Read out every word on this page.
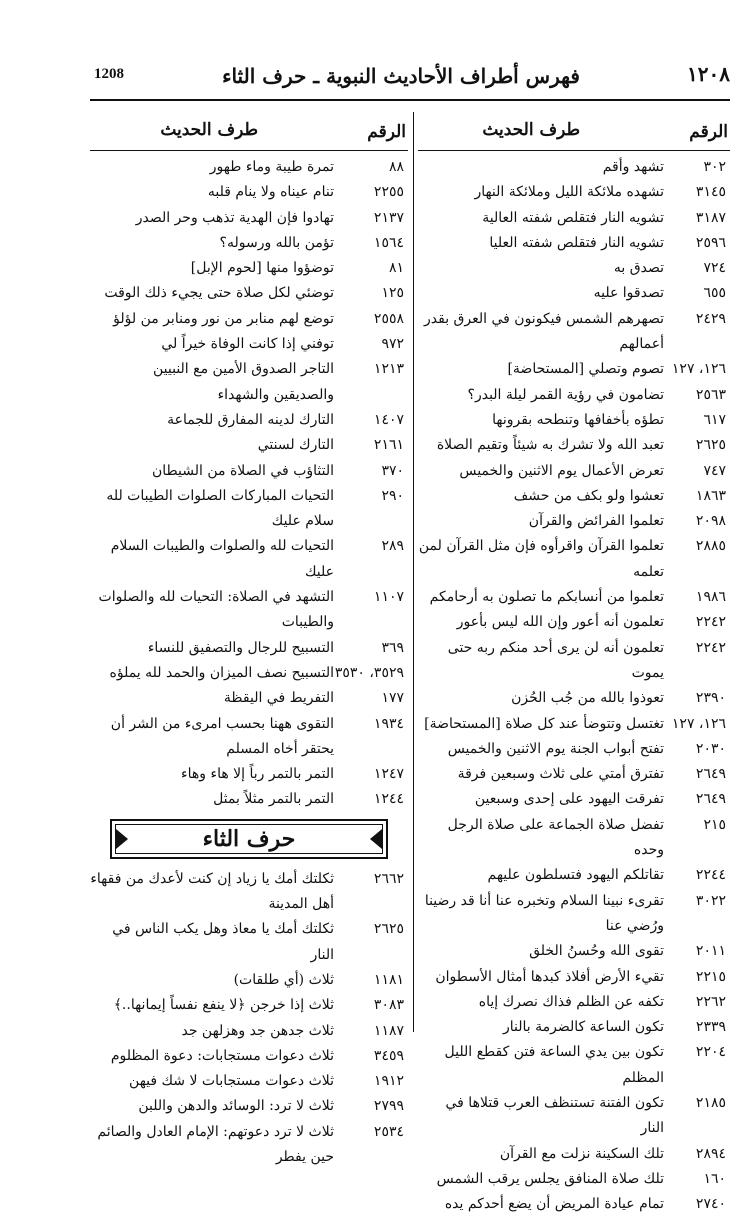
١٢٠٨
فهرس أطراف الأحاديث النبوية ـ حرف الثاء
1208
الرقم
طرف الحديث
٣٠٢
تشهد وأقم
٣١٤٥
تشهده ملائكة الليل وملائكة النهار
٣١٨٧
تشويه النار فتقلص شفته العالية
٢٥٩٦
تشويه النار فتقلص شفته العليا
٧٢٤
تصدق به
٦٥٥
تصدقوا عليه
٢٤٢٩
تصهرهم الشمس فيكونون في العرق بقدر أعمالهم
١٢٦، ١٢٧
تصوم وتصلي [المستحاضة]
٢٥٦٣
تضامون في رؤية القمر ليلة البدر؟
٦١٧
تطؤه بأخفافها وتنطحه بقرونها
٢٦٢٥
تعبد الله ولا تشرك به شيئاً وتقيم الصلاة
٧٤٧
تعرض الأعمال يوم الاثنين والخميس
١٨٦٣
تعشوا ولو بكف من حشف
٢٠٩٨
تعلموا الفرائض والقرآن
٢٨٨٥
تعلموا القرآن واقرأوه فإن مثل القرآن لمن تعلمه
١٩٨٦
تعلموا من أنسابكم ما تصلون به أرحامكم
٢٢٤٢
تعلمون أنه أعور وإن الله ليس بأعور
٢٢٤٢
تعلمون أنه لن يرى أحد منكم ربه حتى يموت
٢٣٩٠
تعوذوا بالله من جُب الحُزن
١٢٦، ١٢٧
تغتسل وتتوضأ عند كل صلاة [المستحاضة]
٢٠٣٠
تفتح أبواب الجنة يوم الاثنين والخميس
٢٦٤٩
تفترق أمتي على ثلاث وسبعين فرقة
٢٦٤٩
تفرقت اليهود على إحدى وسبعين
٢١٥
تفضل صلاة الجماعة على صلاة الرجل وحده
٢٢٤٤
تقاتلكم اليهود فتسلطون عليهم
٣٠٢٢
تقرىء نبينا السلام وتخبره عنا أنا قد رضينا ورُضي عنا
٢٠١١
تقوى الله وحُسنُ الخلق
٢٢١٥
تقيء الأرض أفلاذ كبدها أمثال الأسطوان
٢٢٦٢
تكفه عن الظلم فذاك نصرك إياه
٢٣٣٩
تكون الساعة كالضرمة بالنار
٢٢٠٤
تكون بين يدي الساعة فتن كقطع الليل المظلم
٢١٨٥
تكون الفتنة تستنظف العرب قتلاها في النار
٢٨٩٤
تلك السكينة نزلت مع القرآن
١٦٠
تلك صلاة المنافق يجلس يرقب الشمس
٢٧٤٠
تمام عيادة المريض أن يضع أحدكم يده
الرقم
طرف الحديث
٨٨
تمرة طيبة وماء طهور
٢٢٥٥
تنام عيناه ولا ينام قلبه
٢١٣٧
تهادوا فإن الهدية تذهب وحر الصدر
١٥٦٤
تؤمن بالله ورسوله؟
٨١
توضؤوا منها [لحوم الإبل]
١٢٥
توضئي لكل صلاة حتى يجيء ذلك الوقت
٢٥٥٨
توضع لهم منابر من نور ومنابر من لؤلؤ
٩٧٢
توفني إذا كانت الوفاة خيراً لي
١٢١٣
التاجر الصدوق الأمين مع النبيين والصديقين والشهداء
١٤٠٧
التارك لدينه المفارق للجماعة
٢١٦١
التارك لسنتي
٣٧٠
التثاؤب في الصلاة من الشيطان
٢٩٠
التحيات المباركات الصلوات الطيبات لله سلام عليك
٢٨٩
التحيات لله والصلوات والطيبات السلام عليك
١١٠٧
التشهد في الصلاة: التحيات لله والصلوات والطيبات
٣٦٩
التسبيح للرجال والتصفيق للنساء
٣٥٢٩، ٣٥٣٠
التسبيح نصف الميزان والحمد لله يملؤه
١٧٧
التفريط في اليقظة
١٩٣٤
التقوى ههنا بحسب امرىء من الشر أن يحتقر أخاه المسلم
١٢٤٧
التمر بالتمر رباً إلا هاء وهاء
١٢٤٤
التمر بالتمر مثلاً بمثل
حرف الثاء
٢٦٦٢
ثكلتك أمك يا زياد إن كنت لأعدك من فقهاء أهل المدينة
٢٦٢٥
ثكلتك أمك يا معاذ وهل يكب الناس في النار
١١٨١
ثلاث (أي طلقات)
٣٠٨٣
ثلاث إذا خرجن ﴿لا ينفع نفساً إيمانها..﴾
١١٨٧
ثلاث جدهن جد وهزلهن جد
٣٤٥٩
ثلاث دعوات مستجابات: دعوة المظلوم
١٩١٢
ثلاث دعوات مستجابات لا شك فيهن
٢٧٩٩
ثلاث لا ترد: الوسائد والدهن واللبن
٢٥٣٤
ثلاث لا ترد دعوتهم: الإمام العادل والصائم حين يفطر
